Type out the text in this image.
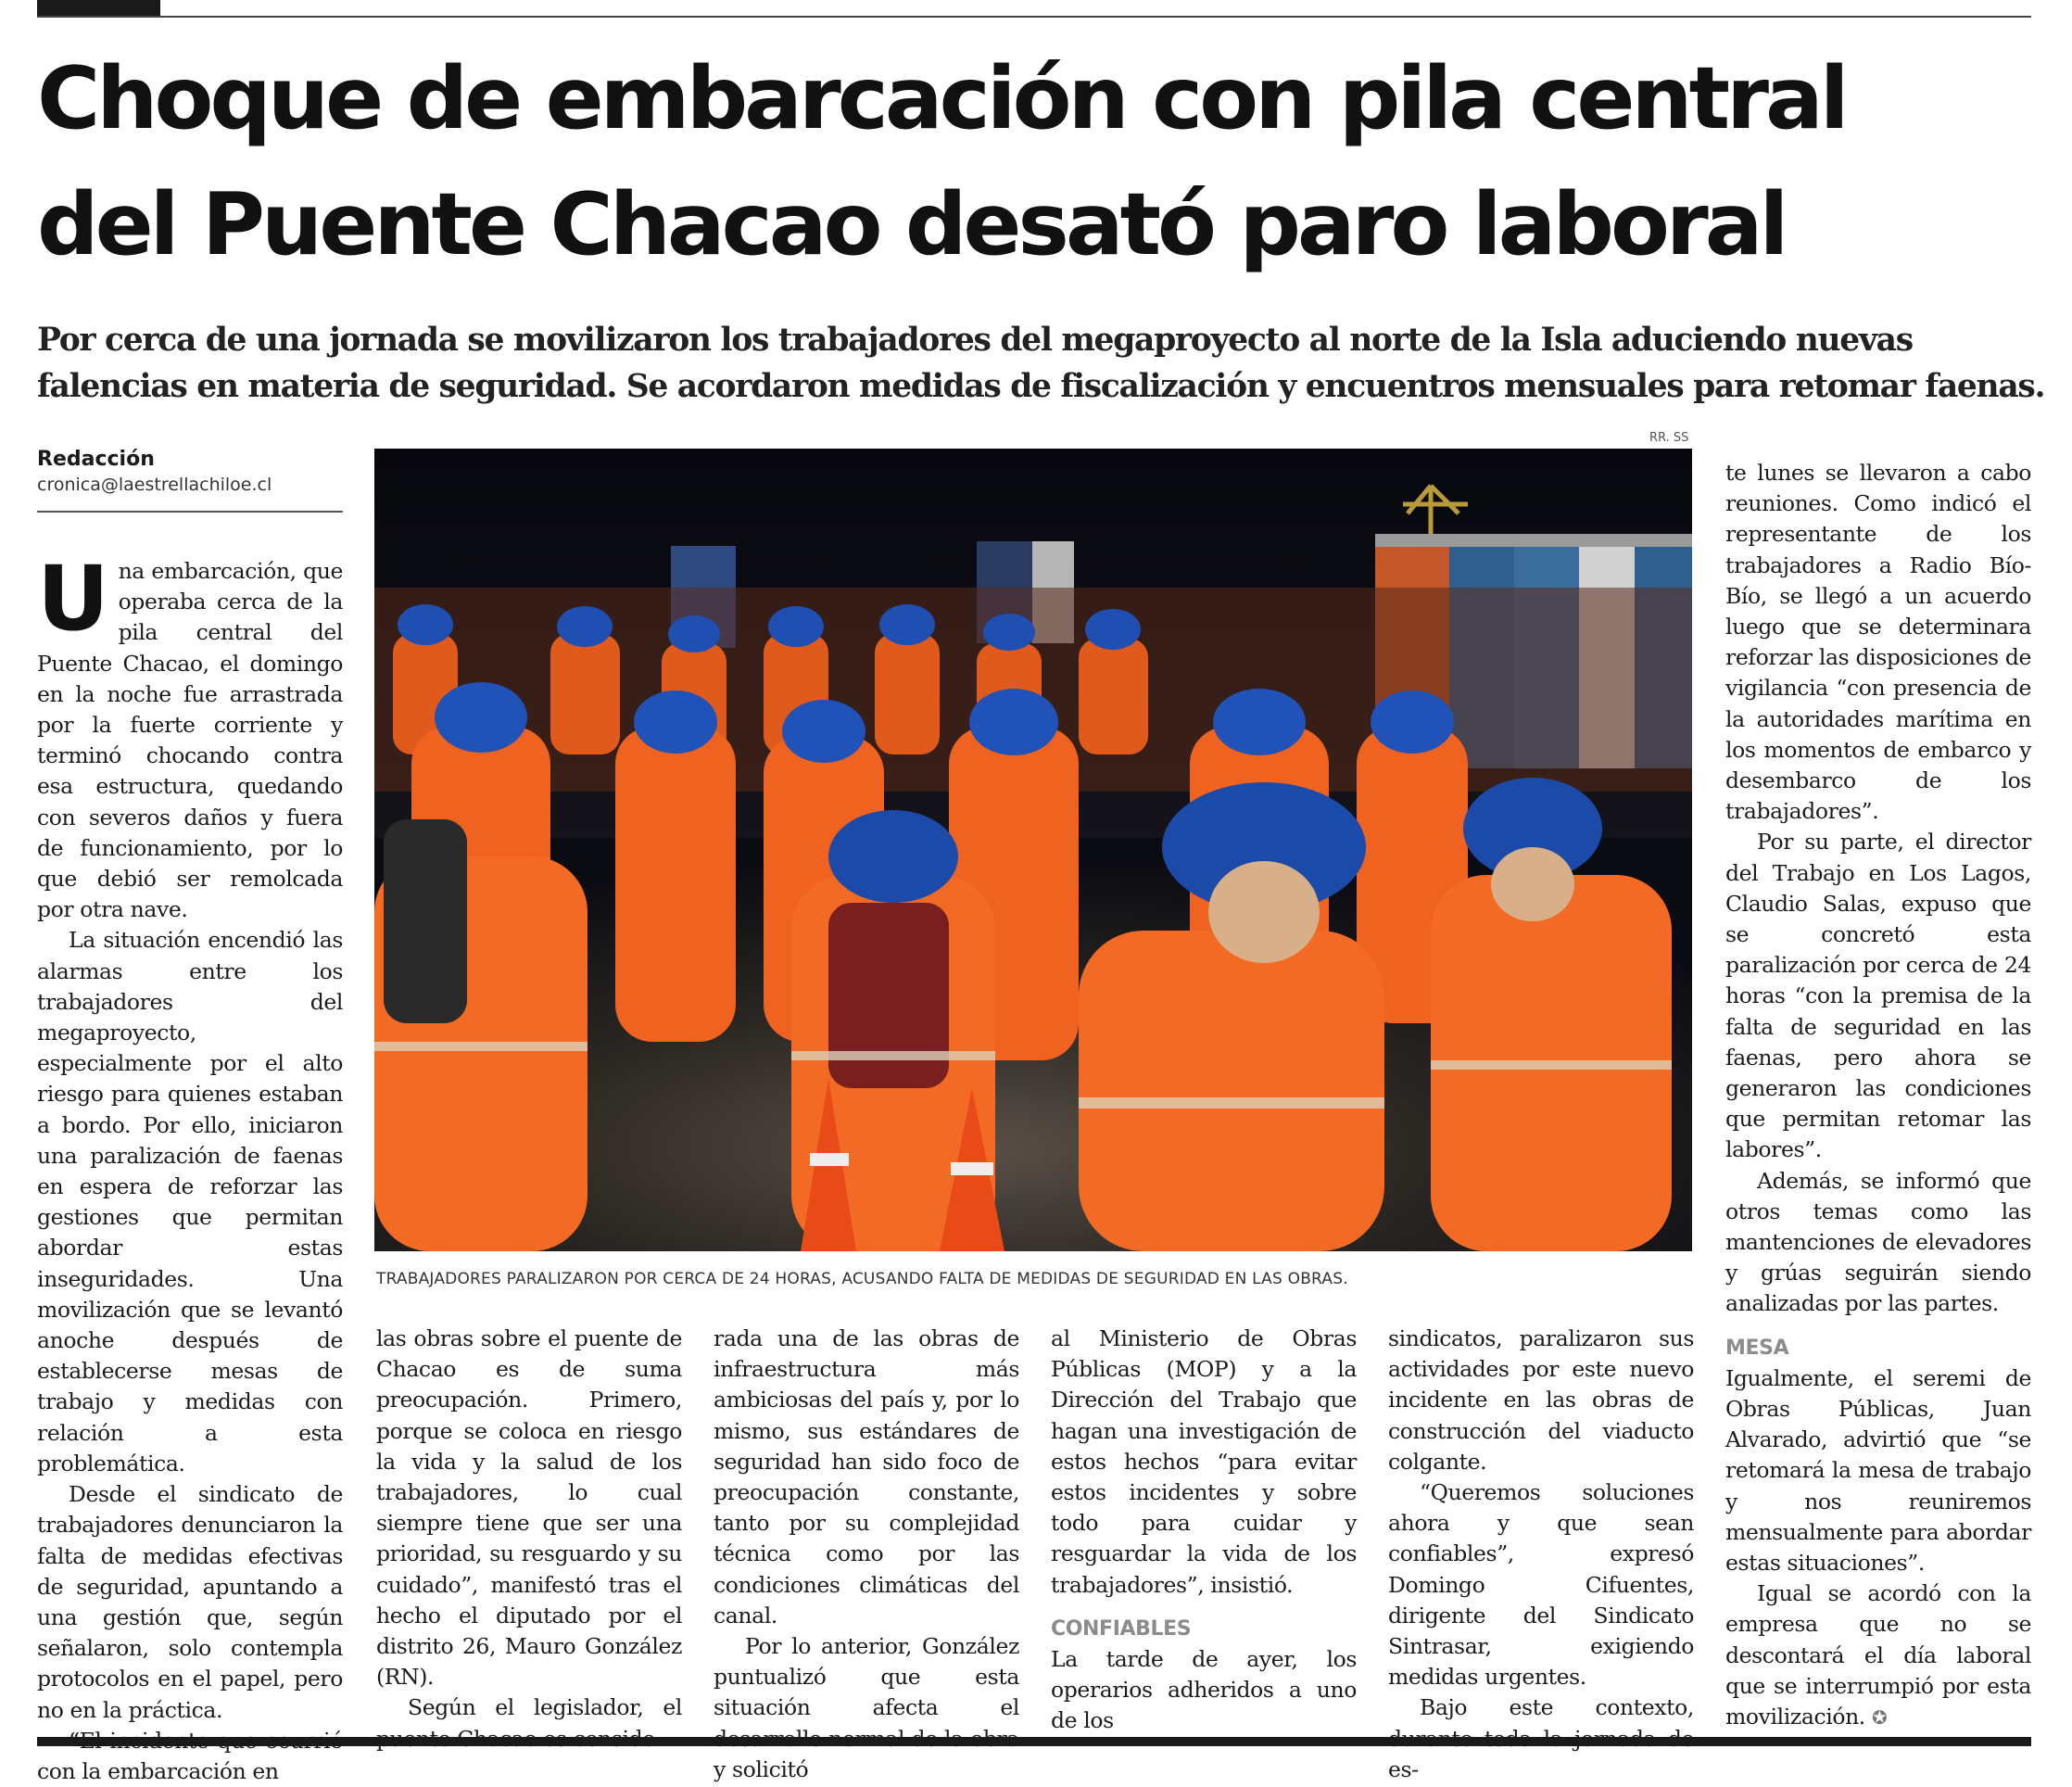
Choque de embarcación con pila central
del Puente Chacao desató paro laboral
Por cerca de una jornada se movilizaron los trabajadores del megaproyecto al norte de la Isla aduciendo nuevas
falencias en materia de seguridad. Se acordaron medidas de fiscalización y encuentros mensuales para retomar faenas.
Redacción
cronica@laestrellachiloe.cl
RR. SS
TRABAJADORES PARALIZARON POR CERCA DE 24 HORAS, ACUSANDO FALTA DE MEDIDAS DE SEGURIDAD EN LAS OBRAS.
U na embarcación, que operaba cerca de la pila central del Puente Chacao, el domingo en la noche fue arrastrada por la fuerte corriente y terminó chocando contra esa estructura, quedando con severos daños y fuera de funcionamiento, por lo que debió ser remolcada por otra nave.

La situación encendió las alarmas entre los trabajadores del megaproyecto, especialmente por el alto riesgo para quienes estaban a bordo. Por ello, iniciaron una paralización de faenas en espera de reforzar las gestiones que permitan abordar estas inseguridades. Una movilización que se levantó anoche después de establecerse mesas de trabajo y medidas con relación a esta problemática.

Desde el sindicato de trabajadores denunciaron la falta de medidas efectivas de seguridad, apuntando a una gestión que, según señalaron, solo contempla protocolos en el papel, pero no en la práctica.

con la embarcación en

las obras sobre el puente de Chacao es de suma preocupación. Primero, porque se coloca en riesgo la vida y la salud de los trabajadores, lo cual siempre tiene que ser una prioridad, su resguardo y su cuidado”, manifestó tras el hecho el diputado por el distrito 26, Mauro González (RN).

Según el legislador, el

rada una de las obras de infraestructura más ambiciosas del país y, por lo mismo, sus estándares de seguridad han sido foco de preocupación constante, tanto por su complejidad técnica como por las condiciones climáticas del canal.

Por lo anterior, González puntualizó que esta situación afecta el y solicitó

al Ministerio de Obras Públicas (MOP) y a la Dirección del Trabajo que hagan una investigación de estos hechos “para evitar estos incidentes y sobre todo para cuidar y resguardar la vida de los trabajadores”, insistió.

CONFIABLES

La tarde de ayer, los operarios adheridos a uno de los

sindicatos, paralizaron sus actividades por este nuevo incidente en las obras de construcción del viaducto colgante.

“Queremos soluciones ahora y que sean confiables”, expresó Domingo Cifuentes, dirigente del Sindicato Sintrasar, exigiendo medidas urgentes.

Bajo este contexto, es-

te lunes se llevaron a cabo reuniones. Como indicó el representante de los trabajadores a Radio Bío-Bío, se llegó a un acuerdo luego que se determinara reforzar las disposiciones de vigilancia “con presencia de la autoridades marítima en los momentos de embarco y desembarco de los trabajadores”.

Por su parte, el director del Trabajo en Los Lagos, Claudio Salas, expuso que se concretó esta paralización por cerca de 24 horas “con la premisa de la falta de seguridad en las faenas, pero ahora se generaron las condiciones que permitan retomar las labores”.

Además, se informó que otros temas como las mantenciones de elevadores y grúas seguirán siendo analizadas por las partes.

MESA

Igualmente, el seremi de Obras Públicas, Juan Alvarado, advirtió que “se retomará la mesa de trabajo y nos reuniremos mensualmente para abordar estas situaciones”.

Igual se acordó con la empresa que no se descontará el día laboral que se interrumpió por esta movilización. ✪
